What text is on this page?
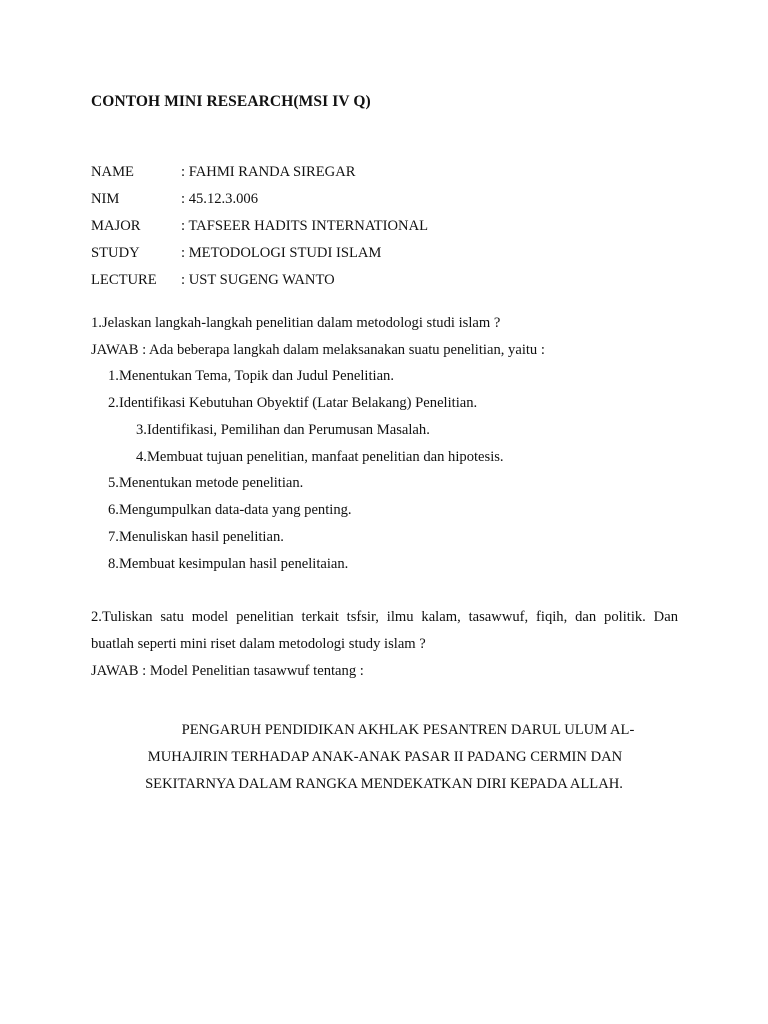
CONTOH MINI RESEARCH(MSI IV Q)
NAME	: FAHMI RANDA SIREGAR
NIM	: 45.12.3.006
MAJOR	: TAFSEER HADITS INTERNATIONAL
STUDY	: METODOLOGI STUDI ISLAM
LECTURE : UST SUGENG WANTO
1.Jelaskan langkah-langkah penelitian dalam metodologi studi islam ?
JAWAB : Ada beberapa langkah dalam melaksanakan suatu penelitian, yaitu :
1.Menentukan Tema, Topik dan Judul Penelitian.
2.Identifikasi Kebutuhan Obyektif (Latar Belakang) Penelitian.
3.Identifikasi, Pemilihan dan Perumusan Masalah.
4.Membuat tujuan penelitian, manfaat penelitian dan hipotesis.
5.Menentukan metode penelitian.
6.Mengumpulkan data-data yang penting.
7.Menuliskan hasil penelitian.
8.Membuat kesimpulan hasil penelitaian.
2.Tuliskan satu model penelitian terkait tsfsir, ilmu kalam, tasawwuf, fiqih, dan politik. Dan
buatlah seperti mini riset dalam metodologi study islam ?
JAWAB : Model Penelitian tasawwuf tentang :
PENGARUH PENDIDIKAN AKHLAK PESANTREN DARUL ULUM AL-
MUHAJIRIN TERHADAP ANAK-ANAK PASAR II PADANG CERMIN DAN
SEKITARNYA DALAM RANGKA MENDEKATKAN DIRI KEPADA ALLAH.
